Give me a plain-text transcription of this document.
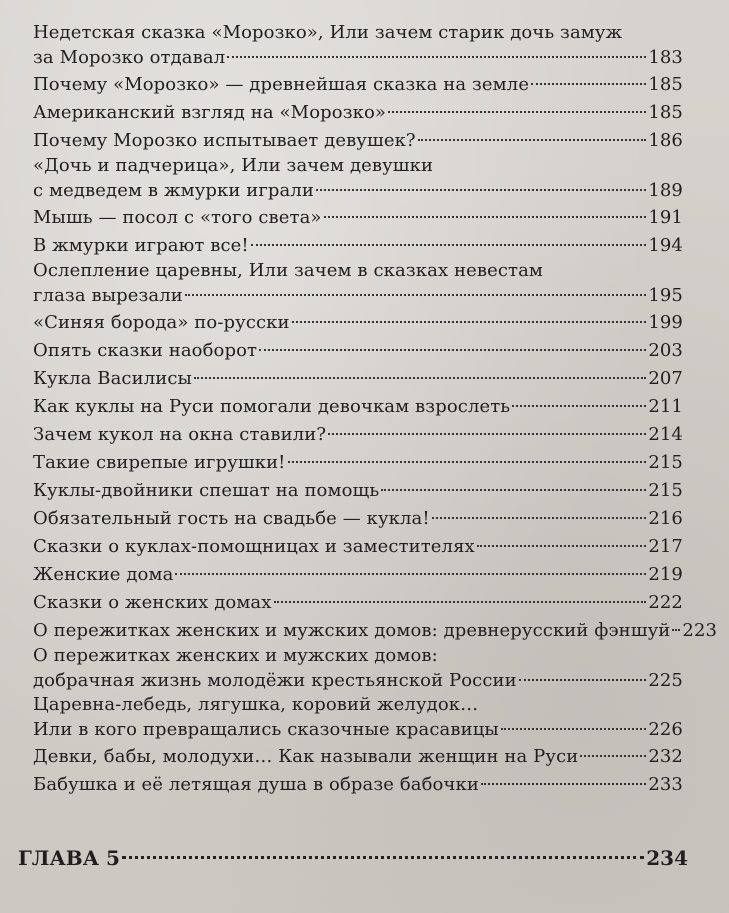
Недетская сказка «Морозко», Или зачем старик дочь замуж
за Морозко отдавал	183
Почему «Морозко» — древнейшая сказка на земле	185
Американский взгляд на «Морозко»	185
Почему Морозко испытывает девушек?	186
«Дочь и падчерица», Или зачем девушки
с медведем в жмурки играли	189
Мышь — посол с «того света»	191
В жмурки играют все!	194
Ослепление царевны, Или зачем в сказках невестам
глаза вырезали	195
«Синяя борода» по-русски	199
Опять сказки наоборот	203
Кукла Василисы	207
Как куклы на Руси помогали девочкам взрослеть	211
Зачем кукол на окна ставили?	214
Такие свирепые игрушки!	215
Куклы-двойники спешат на помощь	215
Обязательный гость на свадьбе — кукла!	216
Сказки о куклах-помощницах и заместителях	217
Женские дома	219
Сказки о женских домах	222
О пережитках женских и мужских домов: древнерусский фэншуй 223
О пережитках женских и мужских домов:
добрачная жизнь молодёжи крестьянской России	225
Царевна-лебедь, лягушка, коровий желудок…
Или в кого превращались сказочные красавицы	226
Девки, бабы, молодухи… Как называли женщин на Руси	232
Бабушка и её летящая душа в образе бабочки	233
ГЛАВА 5	234
